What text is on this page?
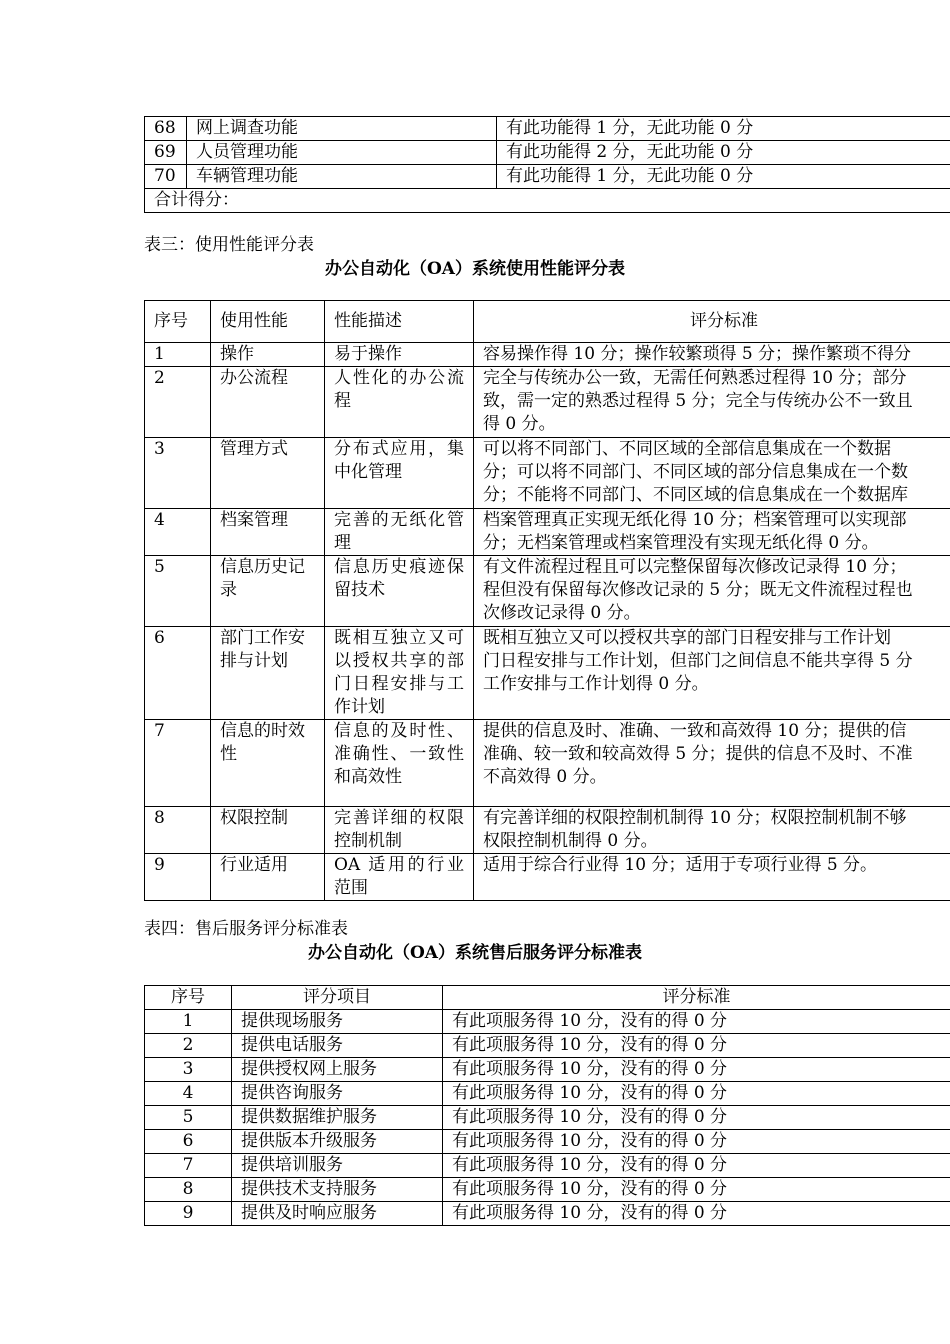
68	网上调查功能	有此功能得 1 分，无此功能 0 分
69	人员管理功能	有此功能得 2 分，无此功能 0 分
70	车辆管理功能	有此功能得 1 分，无此功能 0 分
合计得分：		
表三：使用性能评分表
办公自动化（OA）系统使用性能评分表
序号	使用性能	性能描述	评分标准
1	操作	易于操作	容易操作得 10 分；操作较繁琐得 5 分；操作繁琐不得分

2	办公流程	人性化的办公流程	完全与传统办公一致，无需任何熟悉过程得 10 分；部分
致，需一定的熟悉过程得 5 分；完全与传统办公不一致且
得 0 分。

3	管理方式	分布式应用，集中化管理	可以将不同部门、不同区域的全部信息集成在一个数据
分；可以将不同部门、不同区域的部分信息集成在一个数
分；不能将不同部门、不同区域的信息集成在一个数据库

4	档案管理	完善的无纸化管理	档案管理真正实现无纸化得 10 分；档案管理可以实现部
分；无档案管理或档案管理没有实现无纸化得 0 分。

5	信息历史记录	信息历史痕迹保留技术	有文件流程过程且可以完整保留每次修改记录得 10 分；
程但没有保留每次修改记录的 5 分；既无文件流程过程也
次修改记录得 0 分。

6	部门工作安排与计划	既相互独立又可以授权共享的部门日程安排与工作计划	既相互独立又可以授权共享的部门日程安排与工作计划
门日程安排与工作计划，但部门之间信息不能共享得 5 分
工作安排与工作计划得 0 分。

7	信息的时效性	信息的及时性、准确性、一致性和高效性	提供的信息及时、准确、一致和高效得 10 分；提供的信
准确、较一致和较高效得 5 分；提供的信息不及时、不准
不高效得 0 分。

8	权限控制	完善详细的权限控制机制	有完善详细的权限控制机制得 10 分；权限控制机制不够
权限控制机制得 0 分。

9	行业适用	OA 适用的行业范围	适用于综合行业得 10 分；适用于专项行业得 5 分。
表四：售后服务评分标准表
办公自动化（OA）系统售后服务评分标准表
序号	评分项目	评分标准	
1	提供现场服务	有此项服务得 10 分，没有的得 0 分	
2	提供电话服务	有此项服务得 10 分，没有的得 0 分	
3	提供授权网上服务	有此项服务得 10 分，没有的得 0 分	
4	提供咨询服务	有此项服务得 10 分，没有的得 0 分	
5	提供数据维护服务	有此项服务得 10 分，没有的得 0 分	
6	提供版本升级服务	有此项服务得 10 分，没有的得 0 分	
7	提供培训服务	有此项服务得 10 分，没有的得 0 分	
8	提供技术支持服务	有此项服务得 10 分，没有的得 0 分	
9	提供及时响应服务	有此项服务得 10 分，没有的得 0 分	
